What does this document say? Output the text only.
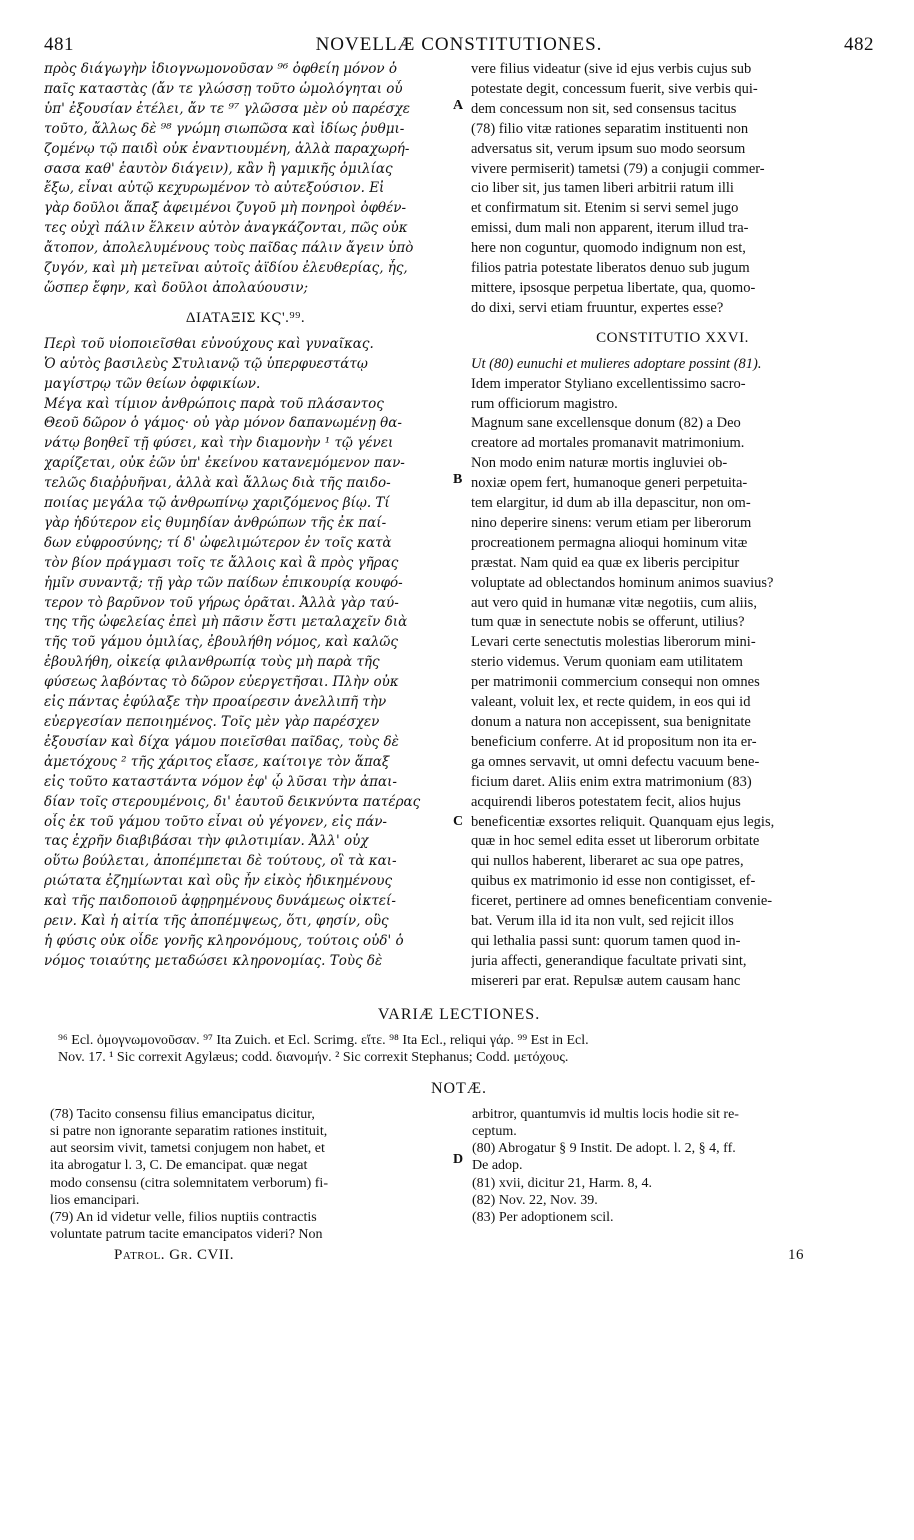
481	NOVELLÆ CONSTITUTIONES.	482
πρὸς διάγωγὴν ἰδιογνωμονοῦσαν ⁹⁶ ὀφθείη μόνον ὁ
παῖς καταστὰς (ἄν τε γλώσσῃ τοῦτο ὡμολόγηται οὗ
ὑπ' ἐξουσίαν ἐτέλει, ἄν τε ⁹⁷ γλῶσσα μὲν οὐ παρέσχε
τοῦτο, ἄλλως δὲ ⁹⁸ γνώμη σιωπῶσα καὶ ἰδίως ῥυθμι-
ζομένῳ τῷ παιδὶ οὐκ ἐναντιουμένη, ἀλλὰ παραχωρή-
σασα καθ' ἑαυτὸν διάγειν), κἂν ἢ γαμικῆς ὁμιλίας
ἔξω, εἶναι αὐτῷ κεχυρωμένον τὸ αὐτεξούσιον. Εἰ
γὰρ δοῦλοι ἅπαξ ἀφειμένοι ζυγοῦ μὴ πονηροὶ ὀφθέν-
τες οὐχὶ πάλιν ἕλκειν αὐτὸν ἀναγκάζονται, πῶς οὐκ
ἄτοπον, ἀπολελυμένους τοὺς παῖδας πάλιν ἄγειν ὑπὸ
ζυγόν, καὶ μὴ μετεῖναι αὐτοῖς ἀϊδίου ἐλευθερίας, ἧς,
ὥσπερ ἔφην, καὶ δοῦλοι ἀπολαύουσιν;
ΔΙΑΤΑΞΙΣ ΚϚ'.⁹⁹.
Περὶ τοῦ υἱοποιεῖσθαι εὐνούχους καὶ γυναῖκας.
Ὁ αὐτὸς βασιλεὺς Στυλιανῷ τῷ ὑπερφυεστάτῳ
μαγίστρῳ τῶν θείων ὀφφικίων.
Μέγα καὶ τίμιον ἀνθρώποις παρὰ τοῦ πλάσαντος
Θεοῦ δῶρον ὁ γάμος· οὐ γὰρ μόνον δαπανωμένῃ θα-
νάτῳ βοηθεῖ τῇ φύσει, καὶ τὴν διαμονὴν ¹ τῷ γένει
χαρίζεται, οὐκ ἐῶν ὑπ' ἐκείνου κατανεμόμενον παν-
τελῶς διαῤῥυῆναι, ἀλλὰ καὶ ἄλλως διὰ τῆς παιδο-
ποιίας μεγάλα τῷ ἀνθρωπίνῳ χαριζόμενος βίῳ. Τί
γὰρ ἡδύτερον εἰς θυμηδίαν ἀνθρώπων τῆς ἐκ παί-
δων εὐφροσύνης; τί δ' ὠφελιμώτερον ἐν τοῖς κατὰ
τὸν βίον πράγμασι τοῖς τε ἄλλοις καὶ ἃ πρὸς γῆρας
ἡμῖν συναντᾷ; τῇ γὰρ τῶν παίδων ἐπικουρίᾳ κουφό-
τερον τὸ βαρῦνον τοῦ γήρως ὁρᾶται. Ἀλλὰ γὰρ ταύ-
της τῆς ὠφελείας ἐπεὶ μὴ πᾶσιν ἔστι μεταλαχεῖν διὰ
τῆς τοῦ γάμου ὁμιλίας, ἐβουλήθη νόμος, καὶ καλῶς
ἐβουλήθη, οἰκείᾳ φιλανθρωπίᾳ τοὺς μὴ παρὰ τῆς
φύσεως λαβόντας τὸ δῶρον εὐεργετῆσαι. Πλὴν οὐκ
εἰς πάντας ἐφύλαξε τὴν προαίρεσιν ἀνελλιπῆ τὴν
εὐεργεσίαν πεποιημένος. Τοῖς μὲν γὰρ παρέσχεν
ἐξουσίαν καὶ δίχα γάμου ποιεῖσθαι παῖδας, τοὺς δὲ
ἀμετόχους ² τῆς χάριτος εἴασε, καίτοιγε τὸν ἅπαξ
εἰς τοῦτο καταστάντα νόμον ἐφ' ᾧ λῦσαι τὴν ἀπαι-
δίαν τοῖς στερουμένοις, δι' ἑαυτοῦ δεικνύντα πατέρας
οἷς ἐκ τοῦ γάμου τοῦτο εἶναι οὐ γέγονεν, εἰς πάν-
τας ἐχρῆν διαβιβάσαι τὴν φιλοτιμίαν. Ἀλλ' οὐχ
οὕτω βούλεται, ἀποπέμπεται δὲ τούτους, οἳ τὰ και-
ριώτατα ἐζημίωνται καὶ οὓς ἦν εἰκὸς ἠδικημένους
καὶ τῆς παιδοποιοῦ ἀφῃρημένους δυνάμεως οἰκτεί-
ρειν. Καὶ ἡ αἰτία τῆς ἀποπέμψεως, ὅτι, φησίν, οὓς
ἡ φύσις οὐκ οἶδε γονῆς κληρονόμους, τούτοις οὐδ' ὁ
νόμος τοιαύτης μεταδώσει κληρονομίας. Τοὺς δὲ
A
B
C
D
vere filius videatur (sive id ejus verbis cujus sub
potestate degit, concessum fuerit, sive verbis qui-
dem concessum non sit, sed consensus tacitus
(78) filio vitæ rationes separatim instituenti non
adversatus sit, verum ipsum suo modo seorsum
vivere permiserit) tametsi (79) a conjugii commer-
cio liber sit, jus tamen liberi arbitrii ratum illi
et confirmatum sit. Etenim si servi semel jugo
emissi, dum mali non apparent, iterum illud tra-
here non coguntur, quomodo indignum non est,
filios patria potestate liberatos denuo sub jugum
mittere, ipsosque perpetua libertate, qua, quomo-
do dixi, servi etiam fruuntur, expertes esse?
CONSTITUTIO XXVI.
Ut (80) eunuchi et mulieres adoptare possint (81).
Idem imperator Styliano excellentissimo sacro-
rum officiorum magistro.
Magnum sane excellensque donum (82) a Deo
creatore ad mortales promanavit matrimonium.
Non modo enim naturæ mortis ingluviei ob-
noxiæ opem fert, humanoque generi perpetuita-
tem elargitur, id dum ab illa depascitur, non om-
nino deperire sinens: verum etiam per liberorum
procreationem permagna alioqui hominum vitæ
præstat. Nam quid ea quæ ex liberis percipitur
voluptate ad oblectandos hominum animos suavius?
aut vero quid in humanæ vitæ negotiis, cum aliis,
tum quæ in senectute nobis se offerunt, utilius?
Levari certe senectutis molestias liberorum mini-
sterio videmus. Verum quoniam eam utilitatem
per matrimonii commercium consequi non omnes
valeant, voluit lex, et recte quidem, in eos qui id
donum a natura non accepissent, sua benignitate
beneficium conferre. At id propositum non ita er-
ga omnes servavit, ut omni defectu vacuum bene-
ficium daret. Aliis enim extra matrimonium (83)
acquirendi liberos potestatem fecit, alios hujus
beneficentiæ exsortes reliquit. Quanquam ejus legis,
quæ in hoc semel edita esset ut liberorum orbitate
qui nullos haberent, liberaret ac sua ope patres,
quibus ex matrimonio id esse non contigisset, ef-
ficeret, pertinere ad omnes beneficentiam convenie-
bat. Verum illa id ita non vult, sed rejicit illos
qui lethalia passi sunt: quorum tamen quod in-
juria affecti, generandique facultate privati sint,
misereri par erat. Repulsæ autem causam hanc
VARIÆ LECTIONES.
⁹⁶ Ecl. ὁμογνωμονοῦσαν. ⁹⁷ Ita Zuich. et Ecl. Scrimg. εἴτε. ⁹⁸ Ita Ecl., reliqui γάρ. ⁹⁹ Est in Ecl.
Nov. 17. ¹ Sic correxit Agylæus; codd. διανομήν. ² Sic correxit Stephanus; Codd. μετόχους.
NOTÆ.
(78) Tacito consensu filius emancipatus dicitur,
si patre non ignorante separatim rationes instituit,
aut seorsim vivit, tametsi conjugem non habet, et
ita abrogatur l. 3, C. De emancipat. quæ negat
modo consensu (citra solemnitatem verborum) fi-
lios emancipari.
(79) An id videtur velle, filios nuptiis contractis
voluntate patrum tacite emancipatos videri? Non
arbitror, quantumvis id multis locis hodie sit re-
ceptum.
(80) Abrogatur § 9 Instit. De adopt. l. 2, § 4, ff.
De adop.
(81) xvii, dicitur 21, Harm. 8, 4.
(82) Nov. 22, Nov. 39.
(83) Per adoptionem scil.
Patrol. Gr. CVII.	16
